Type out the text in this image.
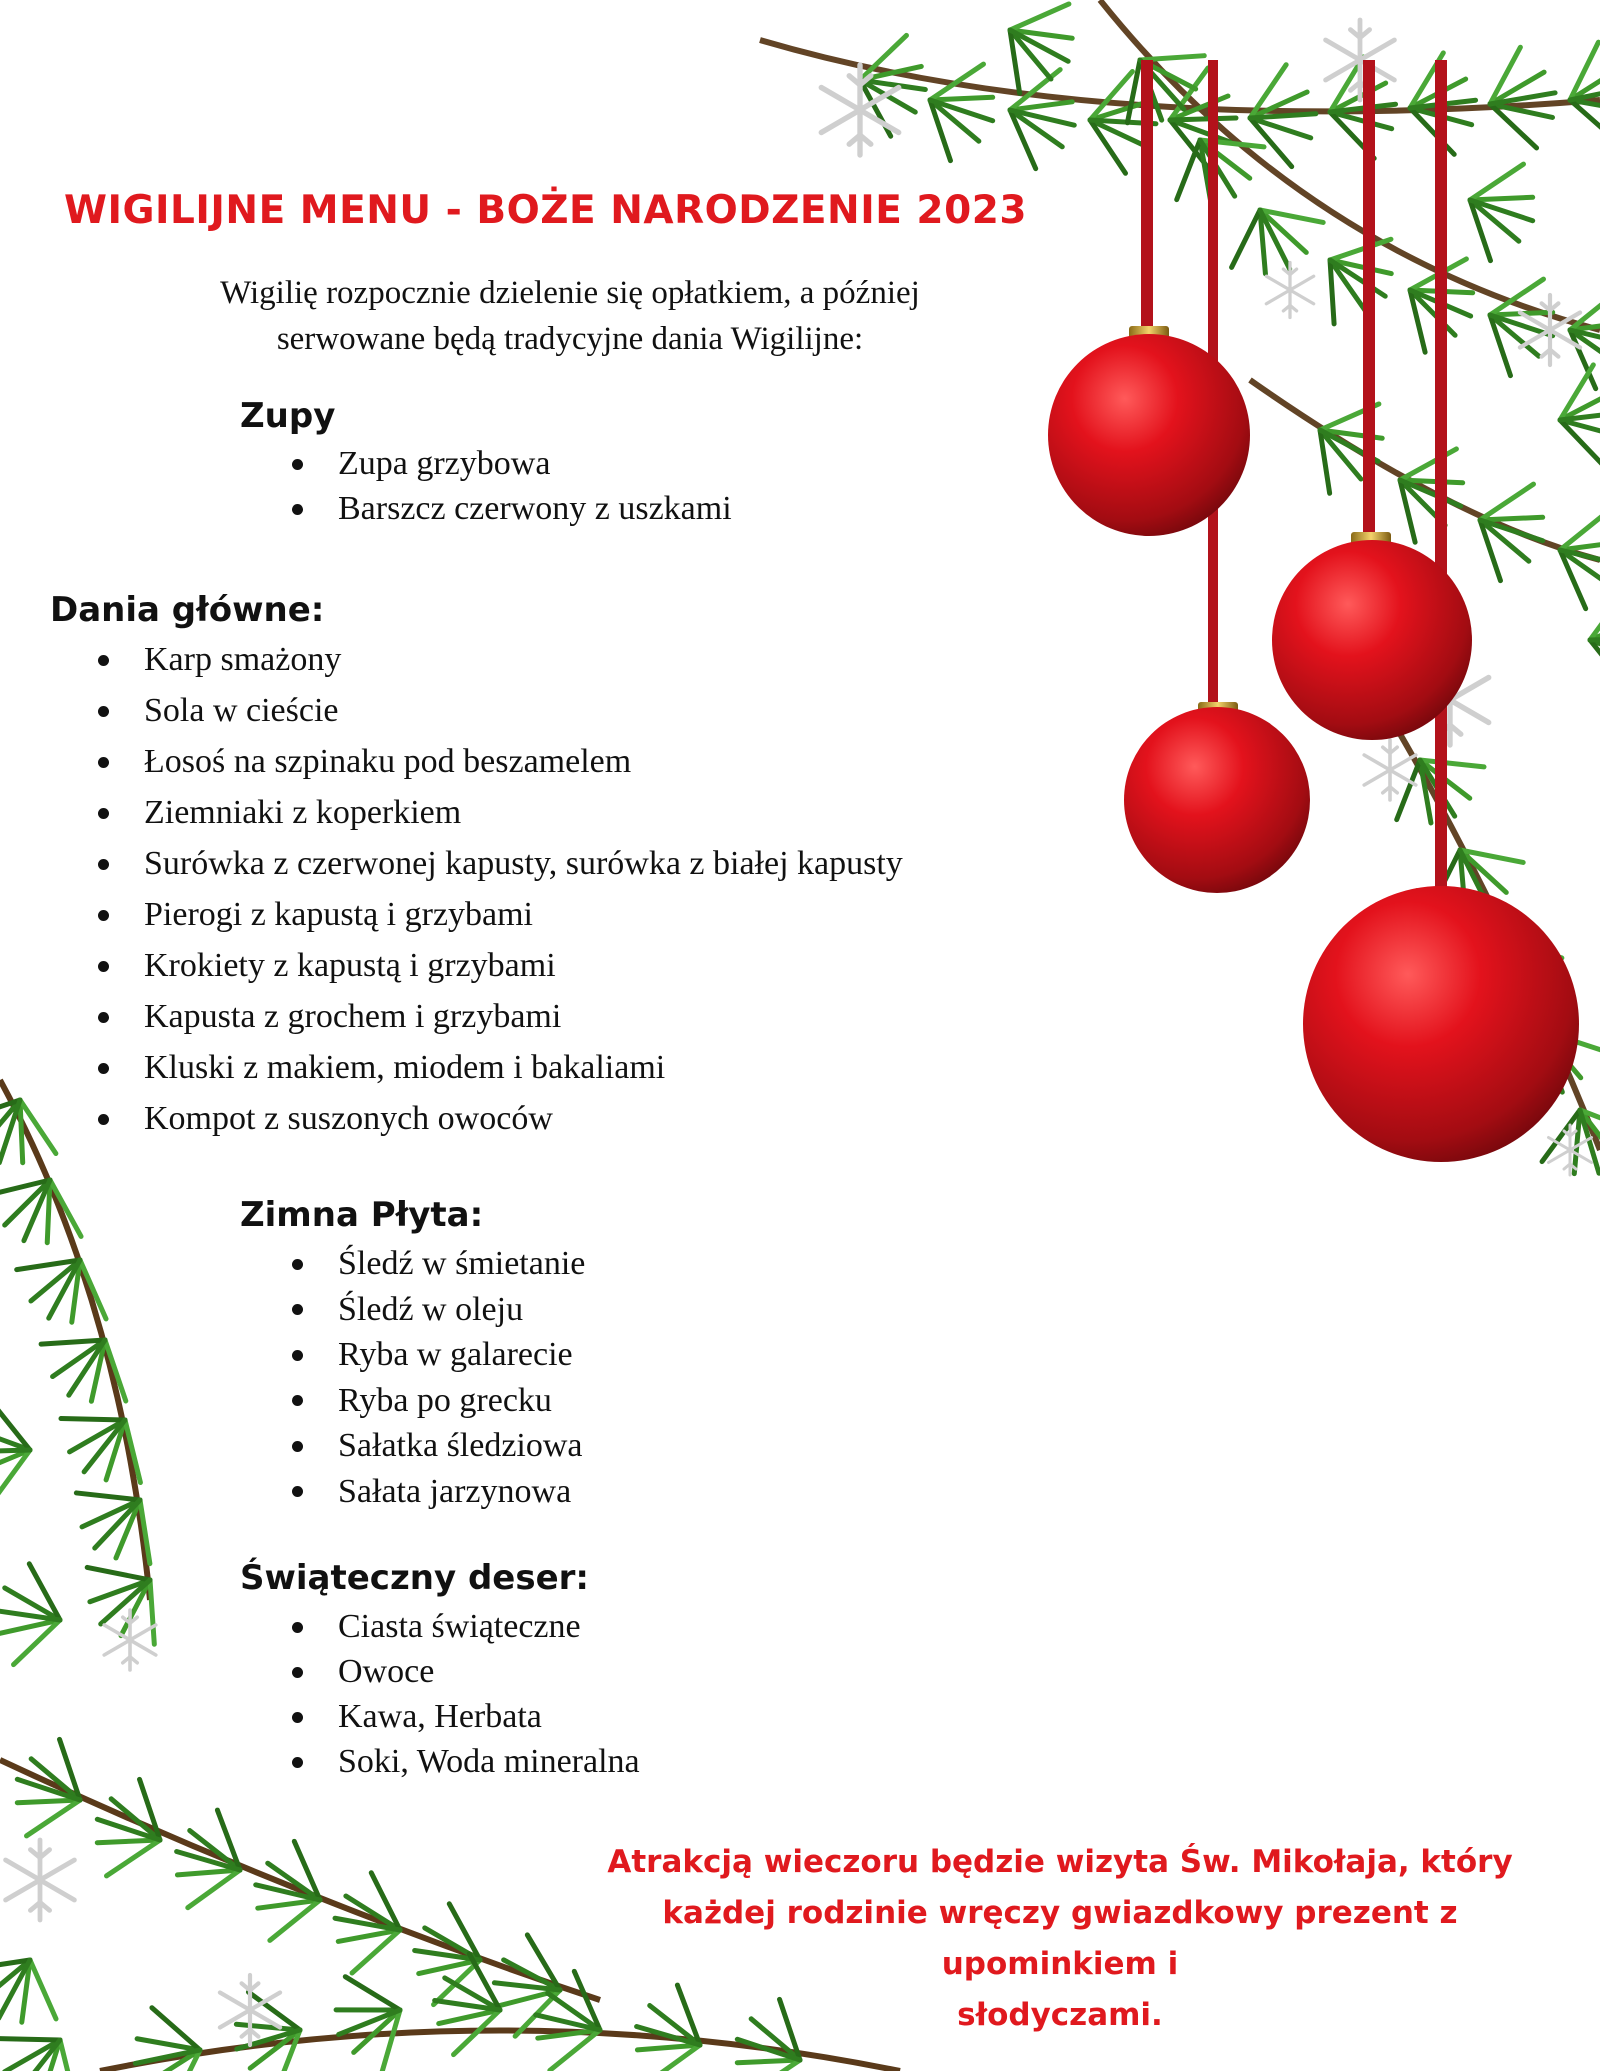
WIGILIJNE MENU - BOŻE NARODZENIE 2023
Wigilię rozpocznie dzielenie się opłatkiem, a później
serwowane będą tradycyjne dania Wigilijne:
Zupy
Zupa grzybowa
Barszcz czerwony z uszkami
Dania główne:
Karp smażony
Sola w cieście
Łosoś na szpinaku pod beszamelem
Ziemniaki z koperkiem
Surówka z czerwonej kapusty, surówka z białej kapusty
Pierogi z kapustą i grzybami
Krokiety z kapustą i grzybami
Kapusta z grochem i grzybami
Kluski z makiem, miodem i bakaliami
Kompot z suszonych owoców
Zimna Płyta:
Śledź w śmietanie
Śledź w oleju
Ryba w galarecie
Ryba po grecku
Sałatka śledziowa
Sałata jarzynowa
Świąteczny deser:
Ciasta świąteczne
Owoce
Kawa, Herbata
Soki, Woda mineralna
Atrakcją wieczoru będzie wizyta Św. Mikołaja, który
każdej rodzinie wręczy gwiazdkowy prezent z upominkiem i
słodyczami.
